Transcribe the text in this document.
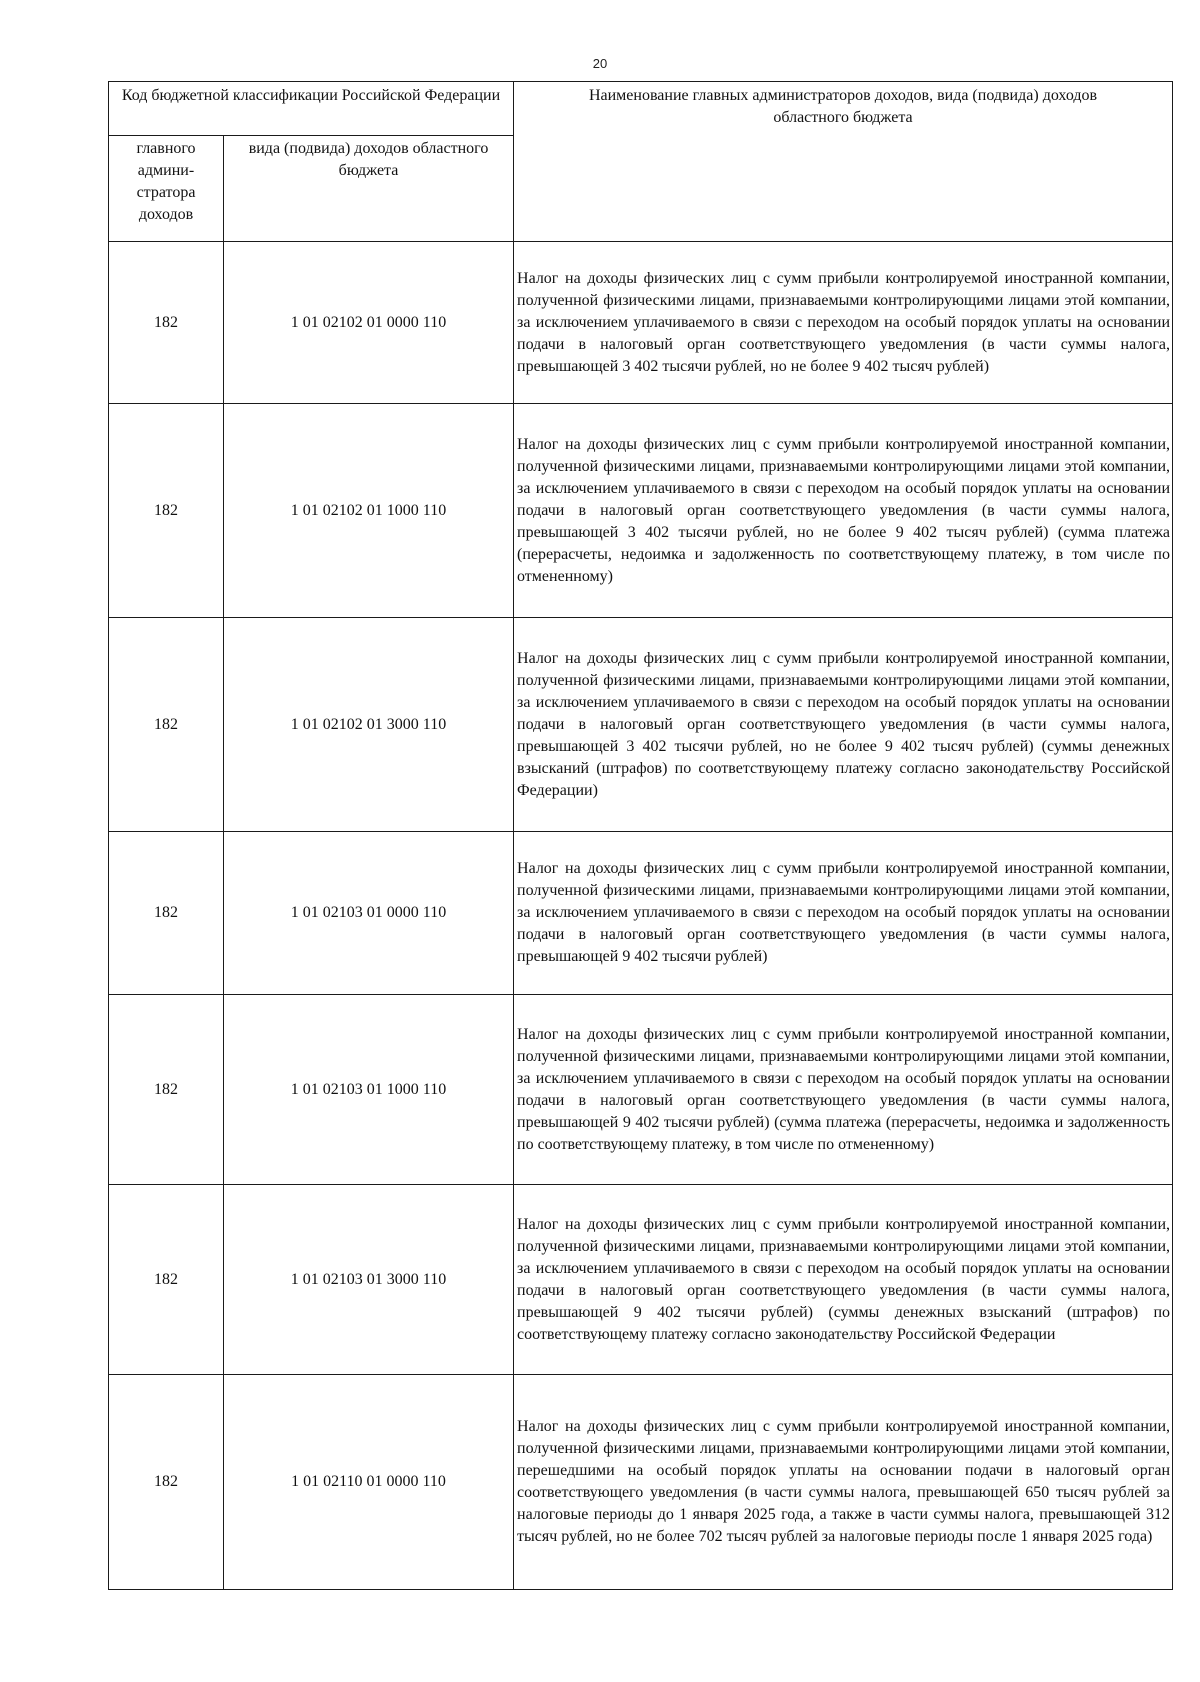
20
Код бюджетной классификации Российской Федерации		Наименование главных администраторов доходов, вида (подвида) доходов областного бюджета
главного админи-стратора доходов	вида (подвида) доходов областного бюджета	
182	1 01 02102 01 0000 110	Налог на доходы физических лиц с сумм прибыли контролируемой иностранной компании, полученной физическими лицами, признаваемыми контролирующими лицами этой компании, за исключением уплачиваемого в связи с переходом на особый порядок уплаты на основании подачи в налоговый орган соответствующего уведомления (в части суммы налога, превышающей 3 402 тысячи рублей, но не более 9 402 тысяч рублей)
182	1 01 02102 01 1000 110	Налог на доходы физических лиц с сумм прибыли контролируемой иностранной компании, полученной физическими лицами, признаваемыми контролирующими лицами этой компании, за исключением уплачиваемого в связи с переходом на особый порядок уплаты на основании подачи в налоговый орган соответствующего уведомления (в части суммы налога, превышающей 3 402 тысячи рублей, но не более 9 402 тысяч рублей) (сумма платежа (перерасчеты, недоимка и задолженность по соответствующему платежу, в том числе по отмененному)
182	1 01 02102 01 3000 110	Налог на доходы физических лиц с сумм прибыли контролируемой иностранной компании, полученной физическими лицами, признаваемыми контролирующими лицами этой компании, за исключением уплачиваемого в связи с переходом на особый порядок уплаты на основании подачи в налоговый орган соответствующего уведомления (в части суммы налога, превышающей 3 402 тысячи рублей, но не более 9 402 тысяч рублей) (суммы денежных взысканий (штрафов) по соответствующему платежу согласно законодательству Российской Федерации)
182	1 01 02103 01 0000 110	Налог на доходы физических лиц с сумм прибыли контролируемой иностранной компании, полученной физическими лицами, признаваемыми контролирующими лицами этой компании, за исключением уплачиваемого в связи с переходом на особый порядок уплаты на основании подачи в налоговый орган соответствующего уведомления (в части суммы налога, превышающей 9 402 тысячи рублей)
182	1 01 02103 01 1000 110	Налог на доходы физических лиц с сумм прибыли контролируемой иностранной компании, полученной физическими лицами, признаваемыми контролирующими лицами этой компании, за исключением уплачиваемого в связи с переходом на особый порядок уплаты на основании подачи в налоговый орган соответствующего уведомления (в части суммы налога, превышающей 9 402 тысячи рублей) (сумма платежа (перерасчеты, недоимка и задолженность по соответствующему платежу, в том числе по отмененному)
182	1 01 02103 01 3000 110	Налог на доходы физических лиц с сумм прибыли контролируемой иностранной компании, полученной физическими лицами, признаваемыми контролирующими лицами этой компании, за исключением уплачиваемого в связи с переходом на особый порядок уплаты на основании подачи в налоговый орган соответствующего уведомления (в части суммы налога, превышающей 9 402 тысячи рублей) (суммы денежных взысканий (штрафов) по соответствующему платежу согласно законодательству Российской Федерации
182	1 01 02110 01 0000 110	Налог на доходы физических лиц с сумм прибыли контролируемой иностранной компании, полученной физическими лицами, признаваемыми контролирующими лицами этой компании, перешедшими на особый порядок уплаты на основании подачи в налоговый орган соответствующего уведомления (в части суммы налога, превышающей 650 тысяч рублей за налоговые периоды до 1 января 2025 года, а также в части суммы налога, превышающей 312 тысяч рублей, но не более 702 тысяч рублей за налоговые периоды после 1 января 2025 года)
